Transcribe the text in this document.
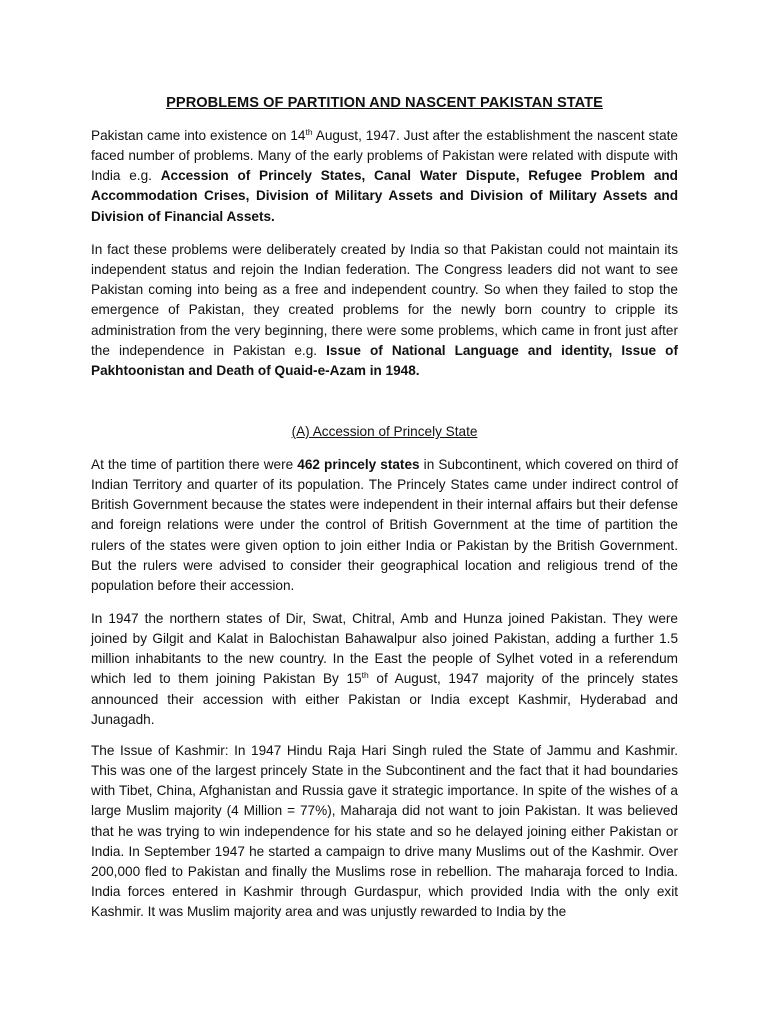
PPROBLEMS OF PARTITION AND NASCENT PAKISTAN STATE

Pakistan came into existence on 14th August, 1947. Just after the establishment the nascent state faced number of problems. Many of the early problems of Pakistan were related with dispute with India e.g. Accession of Princely States, Canal Water Dispute, Refugee Problem and Accommodation Crises, Division of Military Assets and Division of Military Assets and Division of Financial Assets.

In fact these problems were deliberately created by India so that Pakistan could not maintain its independent status and rejoin the Indian federation. The Congress leaders did not want to see Pakistan coming into being as a free and independent country. So when they failed to stop the emergence of Pakistan, they created problems for the newly born country to cripple its administration from the very beginning, there were some problems, which came in front just after the independence in Pakistan e.g. Issue of National Language and identity, Issue of Pakhtoonistan and Death of Quaid-e-Azam in 1948.

(A) Accession of Princely State

At the time of partition there were 462 princely states in Subcontinent, which covered on third of Indian Territory and quarter of its population. The Princely States came under indirect control of British Government because the states were independent in their internal affairs but their defense and foreign relations were under the control of British Government at the time of partition the rulers of the states were given option to join either India or Pakistan by the British Government. But the rulers were advised to consider their geographical location and religious trend of the population before their accession.

In 1947 the northern states of Dir, Swat, Chitral, Amb and Hunza joined Pakistan. They were joined by Gilgit and Kalat in Balochistan Bahawalpur also joined Pakistan, adding a further 1.5 million inhabitants to the new country. In the East the people of Sylhet voted in a referendum which led to them joining Pakistan By 15th of August, 1947 majority of the princely states announced their accession with either Pakistan or India except Kashmir, Hyderabad and Junagadh.

The Issue of Kashmir: In 1947 Hindu Raja Hari Singh ruled the State of Jammu and Kashmir. This was one of the largest princely State in the Subcontinent and the fact that it had boundaries with Tibet, China, Afghanistan and Russia gave it strategic importance. In spite of the wishes of a large Muslim majority (4 Million = 77%), Maharaja did not want to join Pakistan. It was believed that he was trying to win independence for his state and so he delayed joining either Pakistan or India. In September 1947 he started a campaign to drive many Muslims out of the Kashmir. Over 200,000 fled to Pakistan and finally the Muslims rose in rebellion. The maharaja forced to India. India forces entered in Kashmir through Gurdaspur, which provided India with the only exit Kashmir. It was Muslim majority area and was unjustly rewarded to India by the
